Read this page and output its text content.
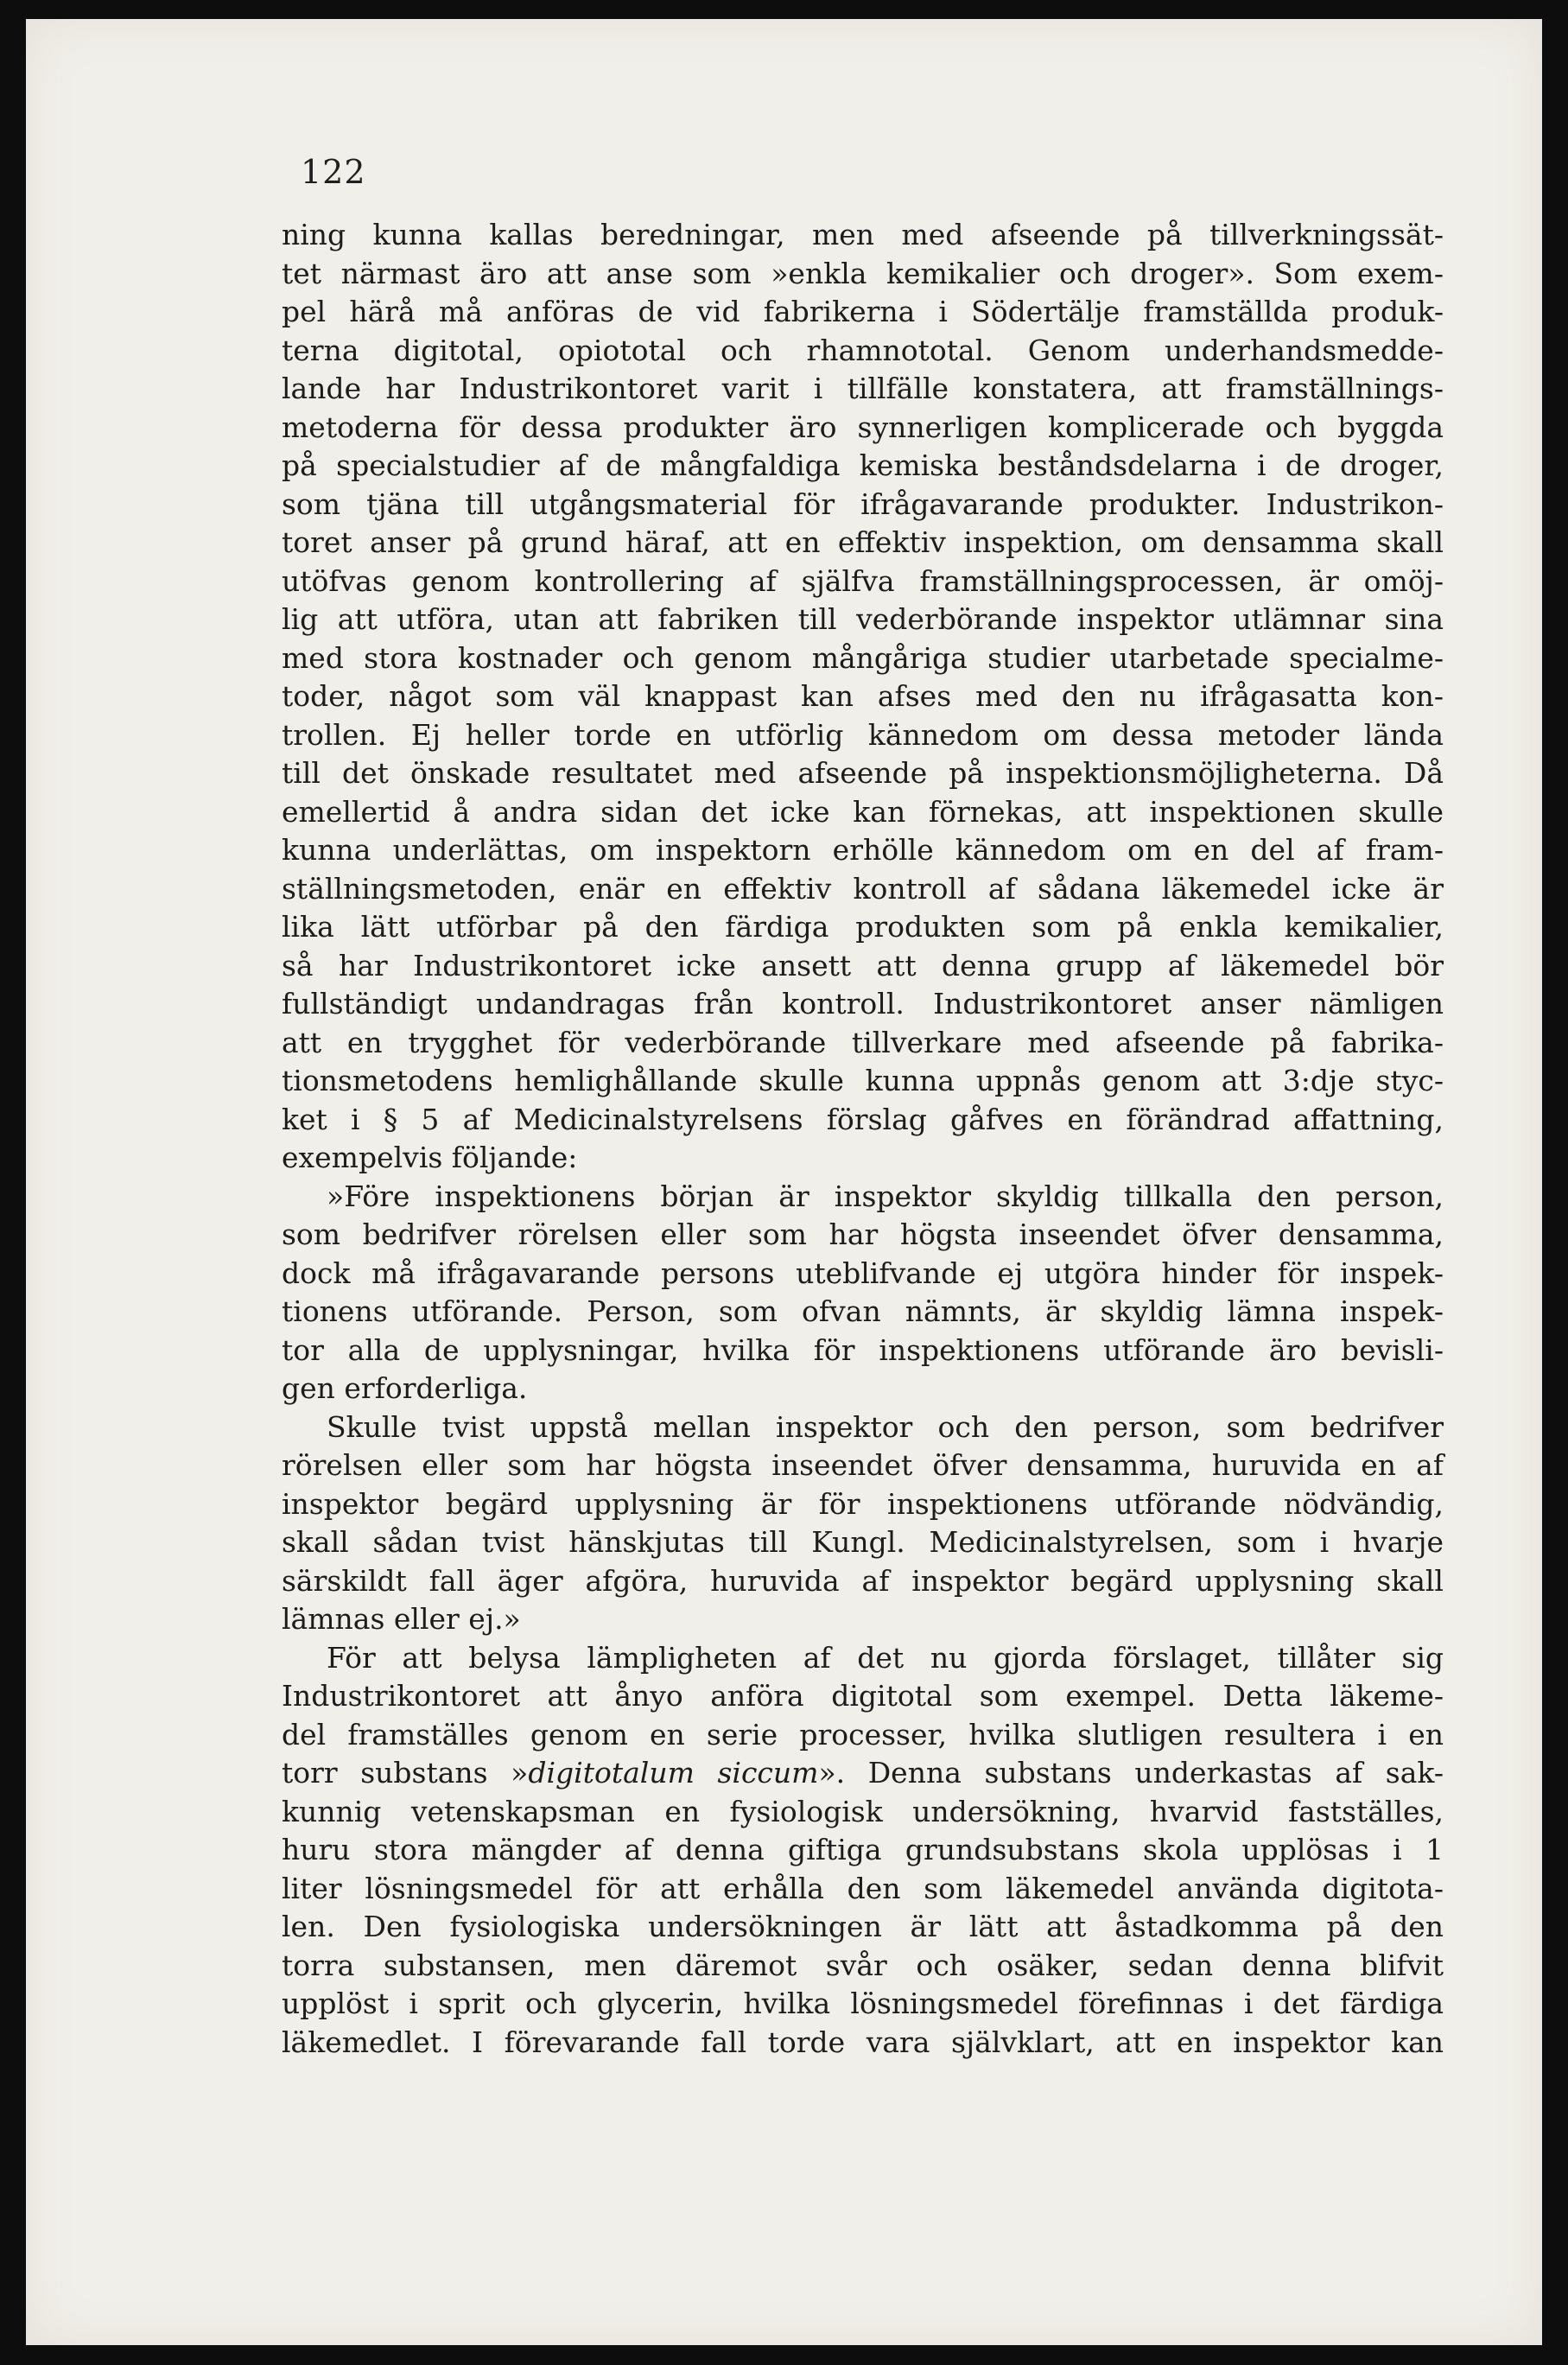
122
ning kunna kallas beredningar, men med afseende på tillverkningssät-
tet närmast äro att anse som »enkla kemikalier och droger». Som exem-
pel härå må anföras de vid fabrikerna i Södertälje framställda produk-
terna digitotal, opiototal och rhamnototal. Genom underhandsmedde-
lande har Industrikontoret varit i tillfälle konstatera, att framställnings-
metoderna för dessa produkter äro synnerligen komplicerade och byggda
på specialstudier af de mångfaldiga kemiska beståndsdelarna i de droger,
som tjäna till utgångsmaterial för ifrågavarande produkter. Industrikon-
toret anser på grund häraf, att en effektiv inspektion, om densamma skall
utöfvas genom kontrollering af själfva framställningsprocessen, är omöj-
lig att utföra, utan att fabriken till vederbörande inspektor utlämnar sina
med stora kostnader och genom mångåriga studier utarbetade specialme-
toder, något som väl knappast kan afses med den nu ifrågasatta kon-
trollen. Ej heller torde en utförlig kännedom om dessa metoder lända
till det önskade resultatet med afseende på inspektionsmöjligheterna. Då
emellertid å andra sidan det icke kan förnekas, att inspektionen skulle
kunna underlättas, om inspektorn erhölle kännedom om en del af fram-
ställningsmetoden, enär en effektiv kontroll af sådana läkemedel icke är
lika lätt utförbar på den färdiga produkten som på enkla kemikalier,
så har Industrikontoret icke ansett att denna grupp af läkemedel bör
fullständigt undandragas från kontroll. Industrikontoret anser nämligen
att en trygghet för vederbörande tillverkare med afseende på fabrika-
tionsmetodens hemlighållande skulle kunna uppnås genom att 3:dje styc-
ket i § 5 af Medicinalstyrelsens förslag gåfves en förändrad affattning,
exempelvis följande:
»Före inspektionens början är inspektor skyldig tillkalla den person,
som bedrifver rörelsen eller som har högsta inseendet öfver densamma,
dock må ifrågavarande persons uteblifvande ej utgöra hinder för inspek-
tionens utförande. Person, som ofvan nämnts, är skyldig lämna inspek-
tor alla de upplysningar, hvilka för inspektionens utförande äro bevisli-
gen erforderliga.
Skulle tvist uppstå mellan inspektor och den person, som bedrifver
rörelsen eller som har högsta inseendet öfver densamma, huruvida en af
inspektor begärd upplysning är för inspektionens utförande nödvändig,
skall sådan tvist hänskjutas till Kungl. Medicinalstyrelsen, som i hvarje
särskildt fall äger afgöra, huruvida af inspektor begärd upplysning skall
lämnas eller ej.»
För att belysa lämpligheten af det nu gjorda förslaget, tillåter sig
Industrikontoret att ånyo anföra digitotal som exempel. Detta läkeme-
del framställes genom en serie processer, hvilka slutligen resultera i en
torr substans »digitotalum siccum». Denna substans underkastas af sak-
kunnig vetenskapsman en fysiologisk undersökning, hvarvid fastställes,
huru stora mängder af denna giftiga grundsubstans skola upplösas i 1
liter lösningsmedel för att erhålla den som läkemedel använda digitota-
len. Den fysiologiska undersökningen är lätt att åstadkomma på den
torra substansen, men däremot svår och osäker, sedan denna blifvit
upplöst i sprit och glycerin, hvilka lösningsmedel förefinnas i det färdiga
läkemedlet. I förevarande fall torde vara självklart, att en inspektor kan
